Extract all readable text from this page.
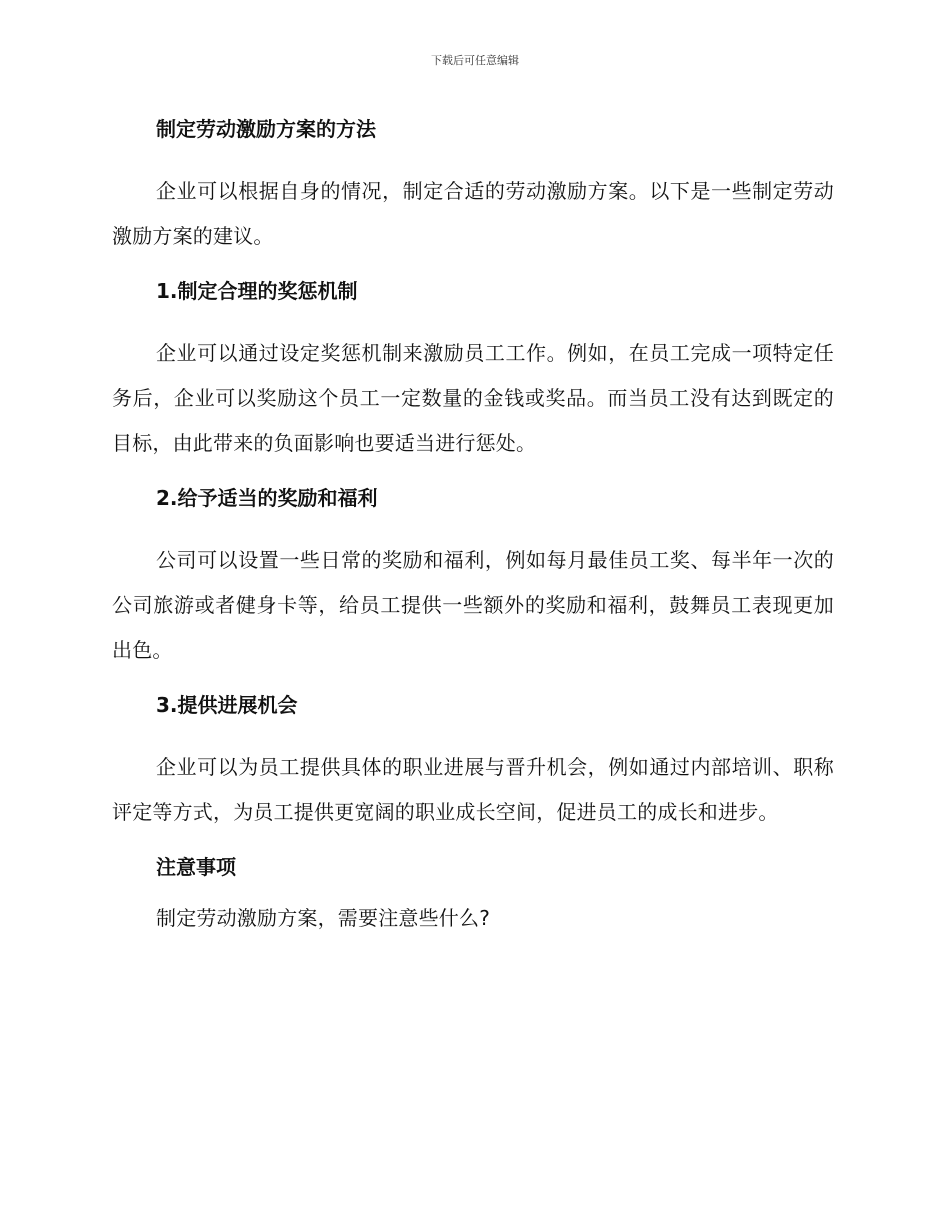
下载后可任意编辑
制定劳动激励方案的方法

企业可以根据自身的情况，制定合适的劳动激励方案。以下是一些制定劳动激励方案的建议。

1.制定合理的奖惩机制

企业可以通过设定奖惩机制来激励员工工作。例如，在员工完成一项特定任务后，企业可以奖励这个员工一定数量的金钱或奖品。而当员工没有达到既定的目标，由此带来的负面影响也要适当进行惩处。

2.给予适当的奖励和福利

公司可以设置一些日常的奖励和福利，例如每月最佳员工奖、每半年一次的公司旅游或者健身卡等，给员工提供一些额外的奖励和福利，鼓舞员工表现更加出色。

3.提供进展机会

企业可以为员工提供具体的职业进展与晋升机会，例如通过内部培训、职称评定等方式，为员工提供更宽阔的职业成长空间，促进员工的成长和进步。

注意事项

制定劳动激励方案，需要注意些什么?
